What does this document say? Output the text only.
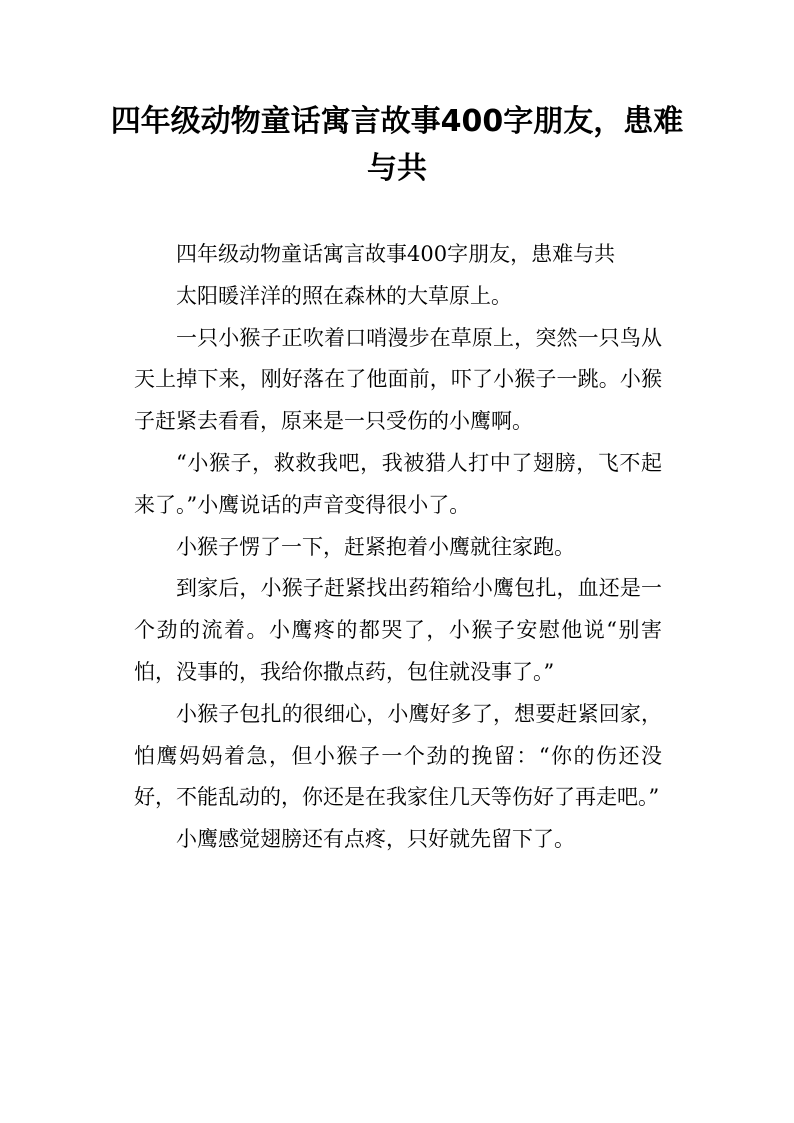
四年级动物童话寓言故事400字朋友，患难与共

四年级动物童话寓言故事400字朋友，患难与共

太阳暖洋洋的照在森林的大草原上。

一只小猴子正吹着口哨漫步在草原上，突然一只鸟从天上掉下来，刚好落在了他面前，吓了小猴子一跳。小猴子赶紧去看看，原来是一只受伤的小鹰啊。

“小猴子，救救我吧，我被猎人打中了翅膀，飞不起来了。”小鹰说话的声音变得很小了。

小猴子愣了一下，赶紧抱着小鹰就往家跑。

到家后，小猴子赶紧找出药箱给小鹰包扎，血还是一个劲的流着。小鹰疼的都哭了，小猴子安慰他说“别害怕，没事的，我给你撒点药，包住就没事了。”

小猴子包扎的很细心，小鹰好多了，想要赶紧回家，怕鹰妈妈着急，但小猴子一个劲的挽留：“你的伤还没好，不能乱动的，你还是在我家住几天等伤好了再走吧。”

小鹰感觉翅膀还有点疼，只好就先留下了。
